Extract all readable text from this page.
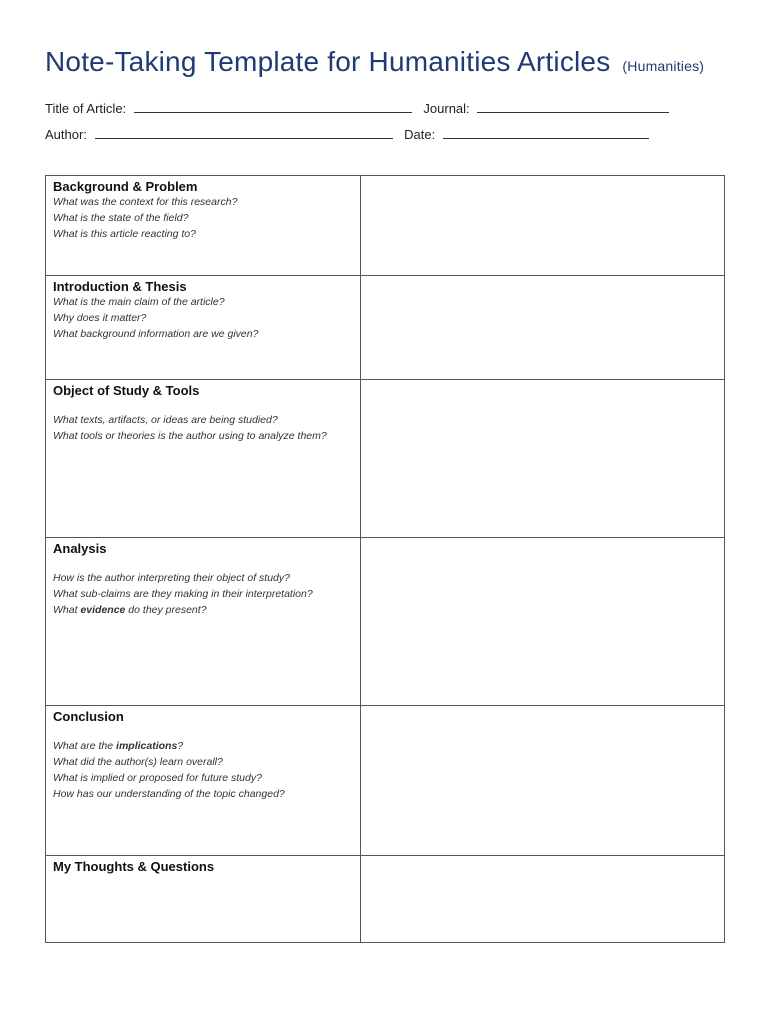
Note-Taking Template for Humanities Articles (Humanities)
Title of Article:	Journal:
Author:	Date:
Background & Problem
What was the context for this research?
What is the state of the field?
What is this article reacting to?	

Introduction & Thesis
What is the main claim of the article?
Why does it matter?
What background information are we given?	

Object of Study & Tools
What texts, artifacts, or ideas are being studied?
What tools or theories is the author using to analyze them?	

Analysis
How is the author interpreting their object of study?
What sub-claims are they making in their interpretation?
What evidence do they present?	

Conclusion
What are the implications?
What did the author(s) learn overall?
What is implied or proposed for future study?
How has our understanding of the topic changed?	

My Thoughts & Questions	
